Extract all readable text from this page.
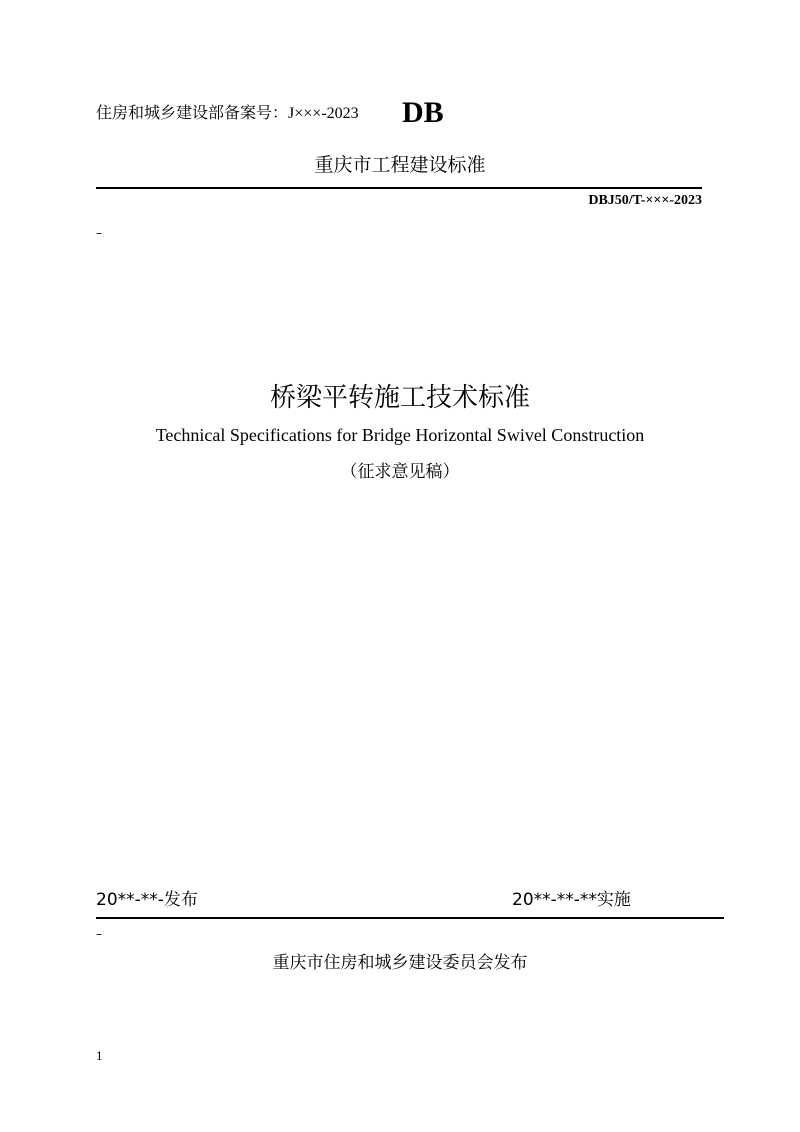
住房和城乡建设部备案号：J×××-2023 DB
重庆市工程建设标准
DBJ50/T-×××-2023
–
桥梁平转施工技术标准
Technical Specifications for Bridge Horizontal Swivel Construction
（征求意见稿）
20**-**-发布	20**-**-**实施
–
重庆市住房和城乡建设委员会发布
1
